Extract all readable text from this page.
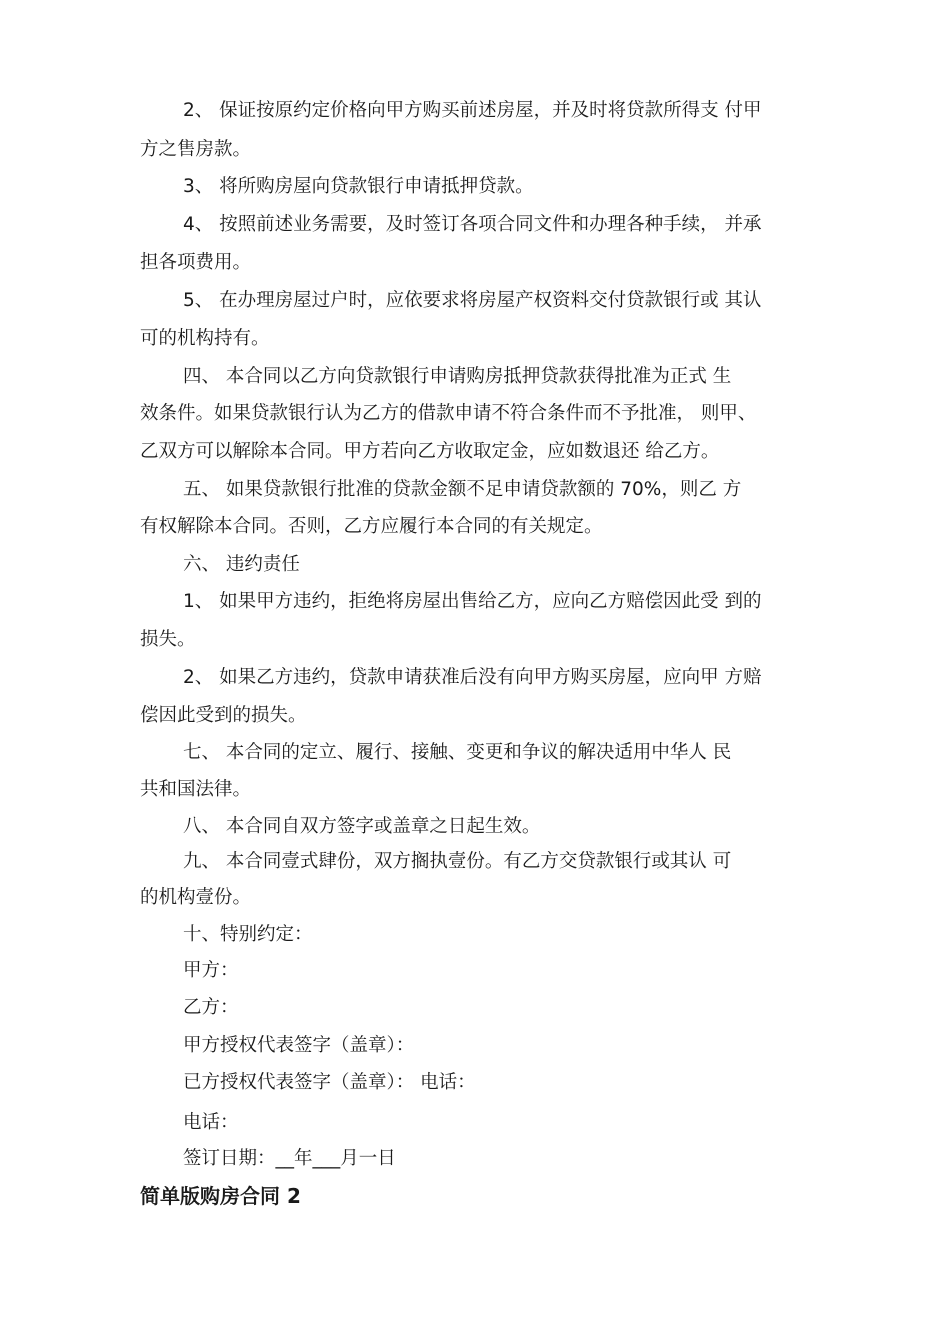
2、 保证按原约定价格向甲方购买前述房屋，并及时将贷款所得支 付甲
方之售房款。
3、 将所购房屋向贷款银行申请抵押贷款。
4、 按照前述业务需要，及时签订各项合同文件和办理各种手续， 并承
担各项费用。
5、 在办理房屋过户时，应依要求将房屋产权资料交付贷款银行或 其认
可的机构持有。
四、 本合同以乙方向贷款银行申请购房抵押贷款获得批准为正式 生
效条件。如果贷款银行认为乙方的借款申请不符合条件而不予批准， 则甲、
乙双方可以解除本合同。甲方若向乙方收取定金，应如数退还 给乙方。
五、 如果贷款银行批准的贷款金额不足申请贷款额的 70%，则乙 方
有权解除本合同。否则，乙方应履行本合同的有关规定。
六、 违约责任
1、 如果甲方违约，拒绝将房屋出售给乙方，应向乙方赔偿因此受 到的
损失。
2、 如果乙方违约，贷款申请获准后没有向甲方购买房屋，应向甲 方赔
偿因此受到的损失。
七、 本合同的定立、履行、接触、变更和争议的解决适用中华人 民
共和国法律。
八、 本合同自双方签字或盖章之日起生效。
九、 本合同壹式肆份，双方搁执壹份。有乙方交贷款银行或其认 可
的机构壹份。
十、特别约定：
甲方：
乙方：
甲方授权代表签字（盖章）：
已方授权代表签字（盖章）： 电话：
电话：
签订日期：__年___月一日
简单版购房合同 2
